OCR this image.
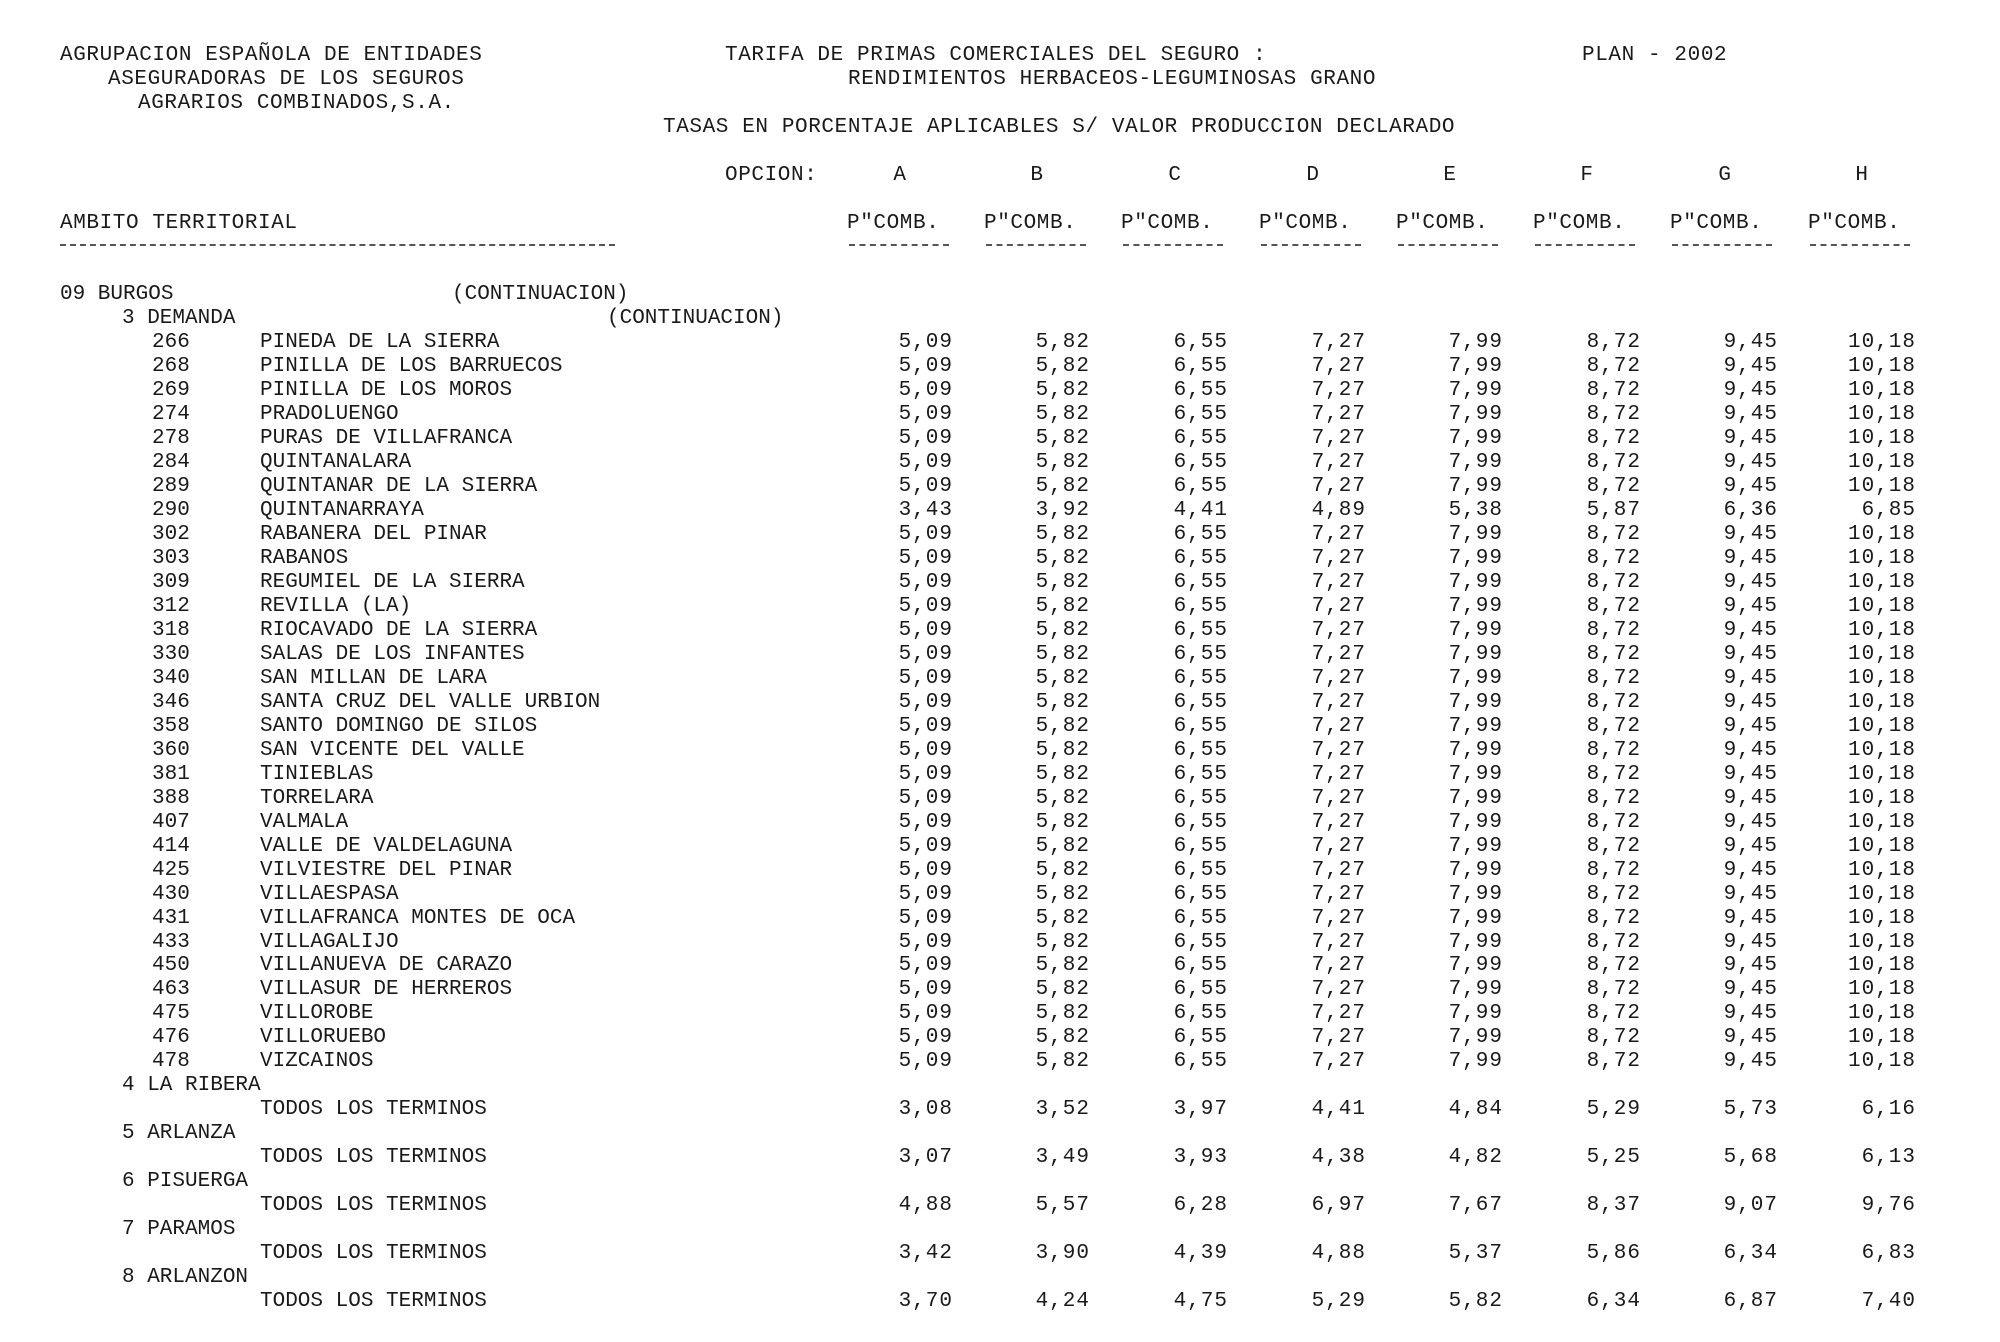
AGRUPACION ESPAÑOLA DE ENTIDADES
ASEGURADORAS DE LOS SEGUROS
AGRARIOS COMBINADOS,S.A.
TARIFA DE PRIMAS COMERCIALES DEL SEGURO :
RENDIMIENTOS HERBACEOS-LEGUMINOSAS GRANO
PLAN - 2002
TASAS EN PORCENTAJE APLICABLES S/ VALOR PRODUCCION DECLARADO
OPCION:	A	B	C	D	E	F	G	H
AMBITO TERRITORIAL	P"COMB. P"COMB. P"COMB. P"COMB. P"COMB. P"COMB. P"COMB. P"COMB.
09 BURGOS	(CONTINUACION)
3 DEMANDA	(CONTINUACION)
266	PINEDA DE LA SIERRA	5,09	5,82	6,55	7,27	7,99	8,72	9,45	10,18
268	PINILLA DE LOS BARRUECOS	5,09	5,82	6,55	7,27	7,99	8,72	9,45	10,18
269	PINILLA DE LOS MOROS	5,09	5,82	6,55	7,27	7,99	8,72	9,45	10,18
274	PRADOLUENGO	5,09	5,82	6,55	7,27	7,99	8,72	9,45	10,18
278	PURAS DE VILLAFRANCA	5,09	5,82	6,55	7,27	7,99	8,72	9,45	10,18
284	QUINTANALARA	5,09	5,82	6,55	7,27	7,99	8,72	9,45	10,18
289	QUINTANAR DE LA SIERRA	5,09	5,82	6,55	7,27	7,99	8,72	9,45	10,18
290	QUINTANARRAYA	3,43	3,92	4,41	4,89	5,38	5,87	6,36	6,85
302	RABANERA DEL PINAR	5,09	5,82	6,55	7,27	7,99	8,72	9,45	10,18
303	RABANOS	5,09	5,82	6,55	7,27	7,99	8,72	9,45	10,18
309	REGUMIEL DE LA SIERRA	5,09	5,82	6,55	7,27	7,99	8,72	9,45	10,18
312	REVILLA (LA)	5,09	5,82	6,55	7,27	7,99	8,72	9,45	10,18
318	RIOCAVADO DE LA SIERRA	5,09	5,82	6,55	7,27	7,99	8,72	9,45	10,18
330	SALAS DE LOS INFANTES	5,09	5,82	6,55	7,27	7,99	8,72	9,45	10,18
340	SAN MILLAN DE LARA	5,09	5,82	6,55	7,27	7,99	8,72	9,45	10,18
346	SANTA CRUZ DEL VALLE URBION	5,09	5,82	6,55	7,27	7,99	8,72	9,45	10,18
358	SANTO DOMINGO DE SILOS	5,09	5,82	6,55	7,27	7,99	8,72	9,45	10,18
360	SAN VICENTE DEL VALLE	5,09	5,82	6,55	7,27	7,99	8,72	9,45	10,18
381	TINIEBLAS	5,09	5,82	6,55	7,27	7,99	8,72	9,45	10,18
388	TORRELARA	5,09	5,82	6,55	7,27	7,99	8,72	9,45	10,18
407	VALMALA	5,09	5,82	6,55	7,27	7,99	8,72	9,45	10,18
414	VALLE DE VALDELAGUNA	5,09	5,82	6,55	7,27	7,99	8,72	9,45	10,18
425	VILVIESTRE DEL PINAR	5,09	5,82	6,55	7,27	7,99	8,72	9,45	10,18
430	VILLAESPASA	5,09	5,82	6,55	7,27	7,99	8,72	9,45	10,18
431	VILLAFRANCA MONTES DE OCA	5,09	5,82	6,55	7,27	7,99	8,72	9,45	10,18
433	VILLAGALIJO	5,09	5,82	6,55	7,27	7,99	8,72	9,45	10,18
450	VILLANUEVA DE CARAZO	5,09	5,82	6,55	7,27	7,99	8,72	9,45	10,18
463	VILLASUR DE HERREROS	5,09	5,82	6,55	7,27	7,99	8,72	9,45	10,18
475	VILLOROBE	5,09	5,82	6,55	7,27	7,99	8,72	9,45	10,18
476	VILLORUEBO	5,09	5,82	6,55	7,27	7,99	8,72	9,45	10,18
478	VIZCAINOS	5,09	5,82	6,55	7,27	7,99	8,72	9,45	10,18
4 LA RIBERA
TODOS LOS TERMINOS	3,08	3,52	3,97	4,41	4,84	5,29	5,73	6,16
5 ARLANZA
TODOS LOS TERMINOS	3,07	3,49	3,93	4,38	4,82	5,25	5,68	6,13
6 PISUERGA
TODOS LOS TERMINOS	4,88	5,57	6,28	6,97	7,67	8,37	9,07	9,76
7 PARAMOS
TODOS LOS TERMINOS	3,42	3,90	4,39	4,88	5,37	5,86	6,34	6,83
8 ARLANZON
TODOS LOS TERMINOS	3,70	4,24	4,75	5,29	5,82	6,34	6,87	7,40
